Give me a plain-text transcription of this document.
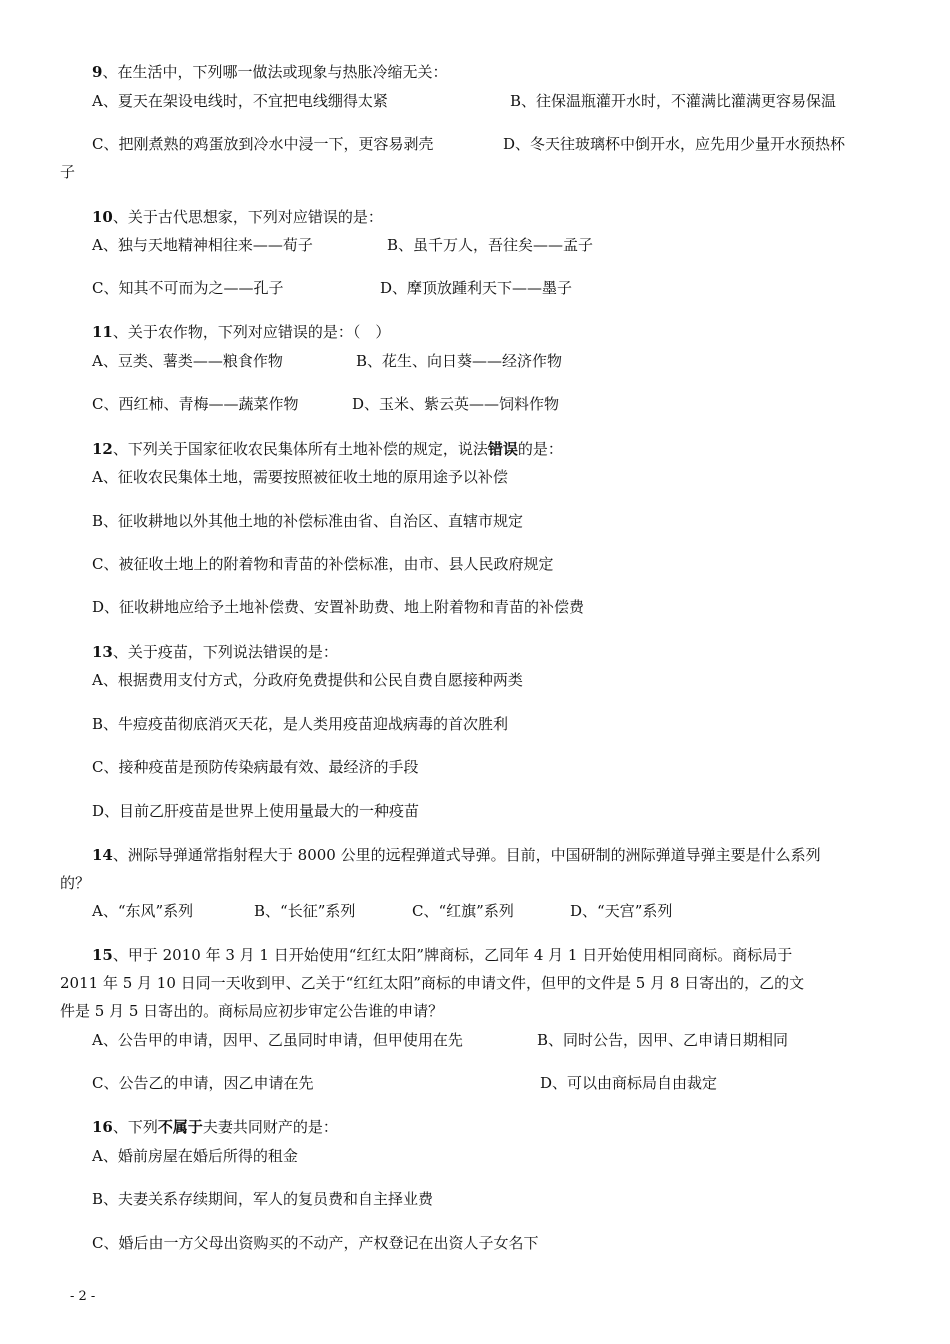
9、在生活中，下列哪一做法或现象与热胀冷缩无关：
A、夏天在架设电线时，不宜把电线绷得太紧	B、往保温瓶灌开水时，不灌满比灌满更容易保温
C、把刚煮熟的鸡蛋放到冷水中浸一下，更容易剥壳	D、冬天往玻璃杯中倒开水，应先用少量开水预热杯
子
10、关于古代思想家，下列对应错误的是：
A、独与天地精神相往来——荀子	B、虽千万人，吾往矣——孟子
C、知其不可而为之——孔子	D、摩顶放踵利天下——墨子
11、关于农作物，下列对应错误的是：（　）
A、豆类、薯类——粮食作物	B、花生、向日葵——经济作物
C、西红柿、青梅——蔬菜作物	D、玉米、紫云英——饲料作物
12、下列关于国家征收农民集体所有土地补偿的规定，说法错误的是：
A、征收农民集体土地，需要按照被征收土地的原用途予以补偿
B、征收耕地以外其他土地的补偿标准由省、自治区、直辖市规定
C、被征收土地上的附着物和青苗的补偿标准，由市、县人民政府规定
D、征收耕地应给予土地补偿费、安置补助费、地上附着物和青苗的补偿费
13、关于疫苗，下列说法错误的是：
A、根据费用支付方式，分政府免费提供和公民自费自愿接种两类
B、牛痘疫苗彻底消灭天花，是人类用疫苗迎战病毒的首次胜利
C、接种疫苗是预防传染病最有效、最经济的手段
D、目前乙肝疫苗是世界上使用量最大的一种疫苗
14、洲际导弹通常指射程大于 8000 公里的远程弹道式导弹。目前，中国研制的洲际弹道导弹主要是什么系列
的？
A、“东风”系列	B、“长征”系列	C、“红旗”系列	D、“天宫”系列
15、甲于 2010 年 3 月 1 日开始使用“红红太阳”牌商标，乙同年 4 月 1 日开始使用相同商标。商标局于
2011 年 5 月 10 日同一天收到甲、乙关于“红红太阳”商标的申请文件，但甲的文件是 5 月 8 日寄出的，乙的文
件是 5 月 5 日寄出的。商标局应初步审定公告谁的申请？
A、公告甲的申请，因甲、乙虽同时申请，但甲使用在先	B、同时公告，因甲、乙申请日期相同
C、公告乙的申请，因乙申请在先	D、可以由商标局自由裁定
16、下列不属于夫妻共同财产的是：
A、婚前房屋在婚后所得的租金
B、夫妻关系存续期间，军人的复员费和自主择业费
C、婚后由一方父母出资购买的不动产，产权登记在出资人子女名下
- 2 -
